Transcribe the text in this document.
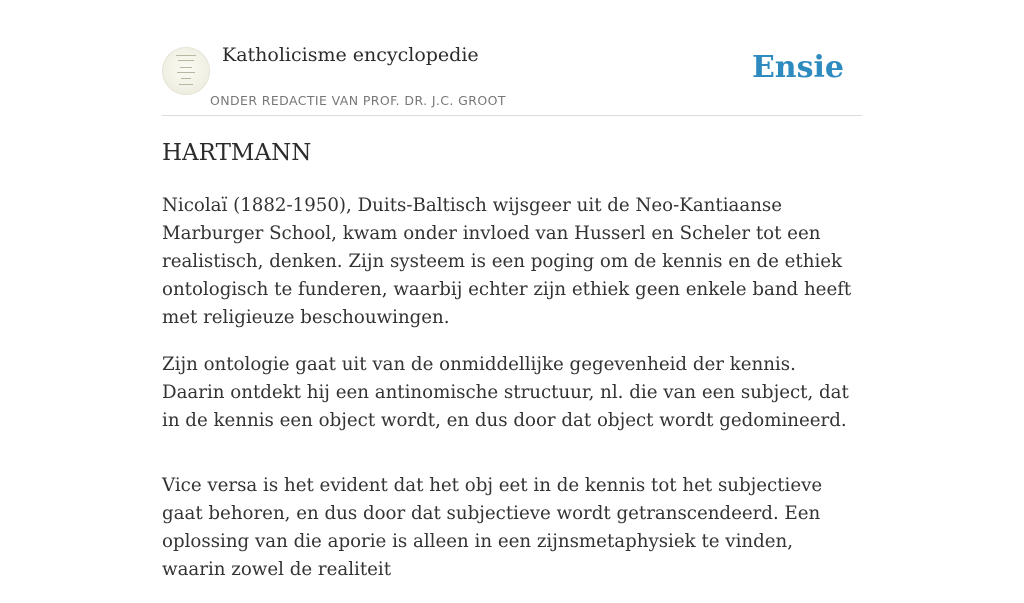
Katholicisme encyclopedie
ONDER REDACTIE VAN PROF. DR. J.C. GROOT
Ensie
HARTMANN

Nicolaï (1882-1950), Duits-Baltisch wijsgeer uit de Neo-Kantiaanse Marburger School, kwam onder invloed van Husserl en Scheler tot een realistisch, denken. Zijn systeem is een poging om de kennis en de ethiek ontologisch te funderen, waarbij echter zijn ethiek geen enkele band heeft met religieuze beschouwingen.

Zijn ontologie gaat uit van de onmiddellijke gegevenheid der kennis. Daarin ontdekt hij een antinomische structuur, nl. die van een subject, dat in de kennis een object wordt, en dus door dat object wordt gedomineerd.

Vice versa is het evident dat het obj eet in de kennis tot het subjectieve gaat behoren, en dus door dat subjectieve wordt getranscendeerd. Een oplossing van die aporie is alleen in een zijnsmetaphysiek te vinden, waarin zowel de realiteit
